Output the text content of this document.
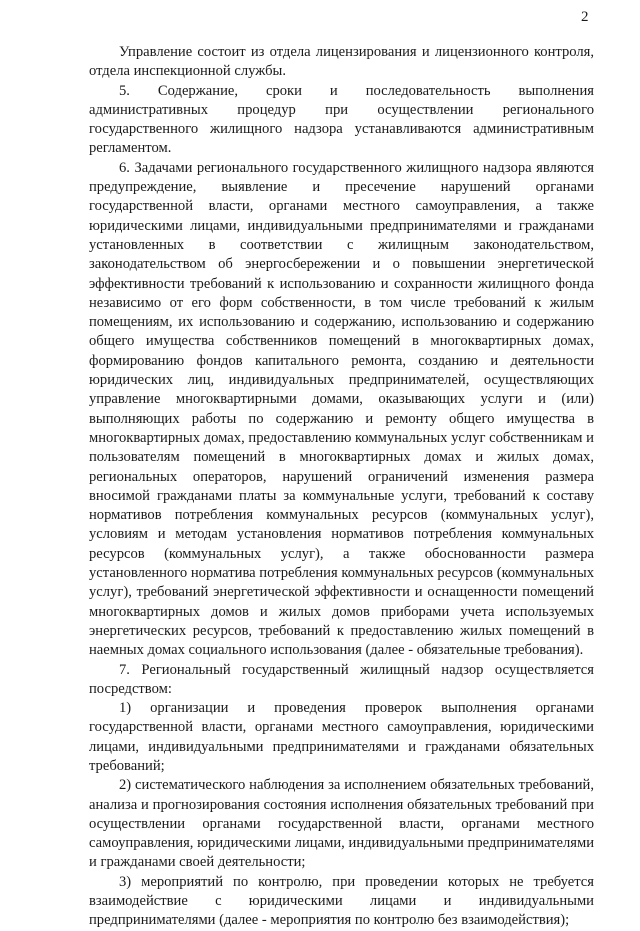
2

Управление состоит из отдела лицензирования и лицензионного контроля, отдела инспекционной службы.

5. Содержание, сроки и последовательность выполнения административных процедур при осуществлении регионального государственного жилищного надзора устанавливаются административным регламентом.

6. Задачами регионального государственного жилищного надзора являются предупреждение, выявление и пресечение нарушений органами государственной власти, органами местного самоуправления, а также юридическими лицами, индивидуальными предпринимателями и гражданами установленных в соответствии с жилищным законодательством, законодательством об энергосбережении и о повышении энергетической эффективности требований к использованию и сохранности жилищного фонда независимо от его форм собственности, в том числе требований к жилым помещениям, их использованию и содержанию, использованию и содержанию общего имущества собственников помещений в многоквартирных домах, формированию фондов капитального ремонта, созданию и деятельности юридических лиц, индивидуальных предпринимателей, осуществляющих управление многоквартирными домами, оказывающих услуги и (или) выполняющих работы по содержанию и ремонту общего имущества в многоквартирных домах, предоставлению коммунальных услуг собственникам и пользователям помещений в многоквартирных домах и жилых домах, региональных операторов, нарушений ограничений изменения размера вносимой гражданами платы за коммунальные услуги, требований к составу нормативов потребления коммунальных ресурсов (коммунальных услуг), условиям и методам установления нормативов потребления коммунальных ресурсов (коммунальных услуг), а также обоснованности размера установленного норматива потребления коммунальных ресурсов (коммунальных услуг), требований энергетической эффективности и оснащенности помещений многоквартирных домов и жилых домов приборами учета используемых энергетических ресурсов, требований к предоставлению жилых помещений в наемных домах социального использования (далее - обязательные требования).

7. Региональный государственный жилищный надзор осуществляется посредством:

1) организации и проведения проверок выполнения органами государственной власти, органами местного самоуправления, юридическими лицами, индивидуальными предпринимателями и гражданами обязательных требований;

2) систематического наблюдения за исполнением обязательных требований, анализа и прогнозирования состояния исполнения обязательных требований при осуществлении органами государственной власти, органами местного самоуправления, юридическими лицами, индивидуальными предпринимателями и гражданами своей деятельности;

3) мероприятий по контролю, при проведении которых не требуется взаимодействие с юридическими лицами и индивидуальными предпринимателями (далее - мероприятия по контролю без взаимодействия);
